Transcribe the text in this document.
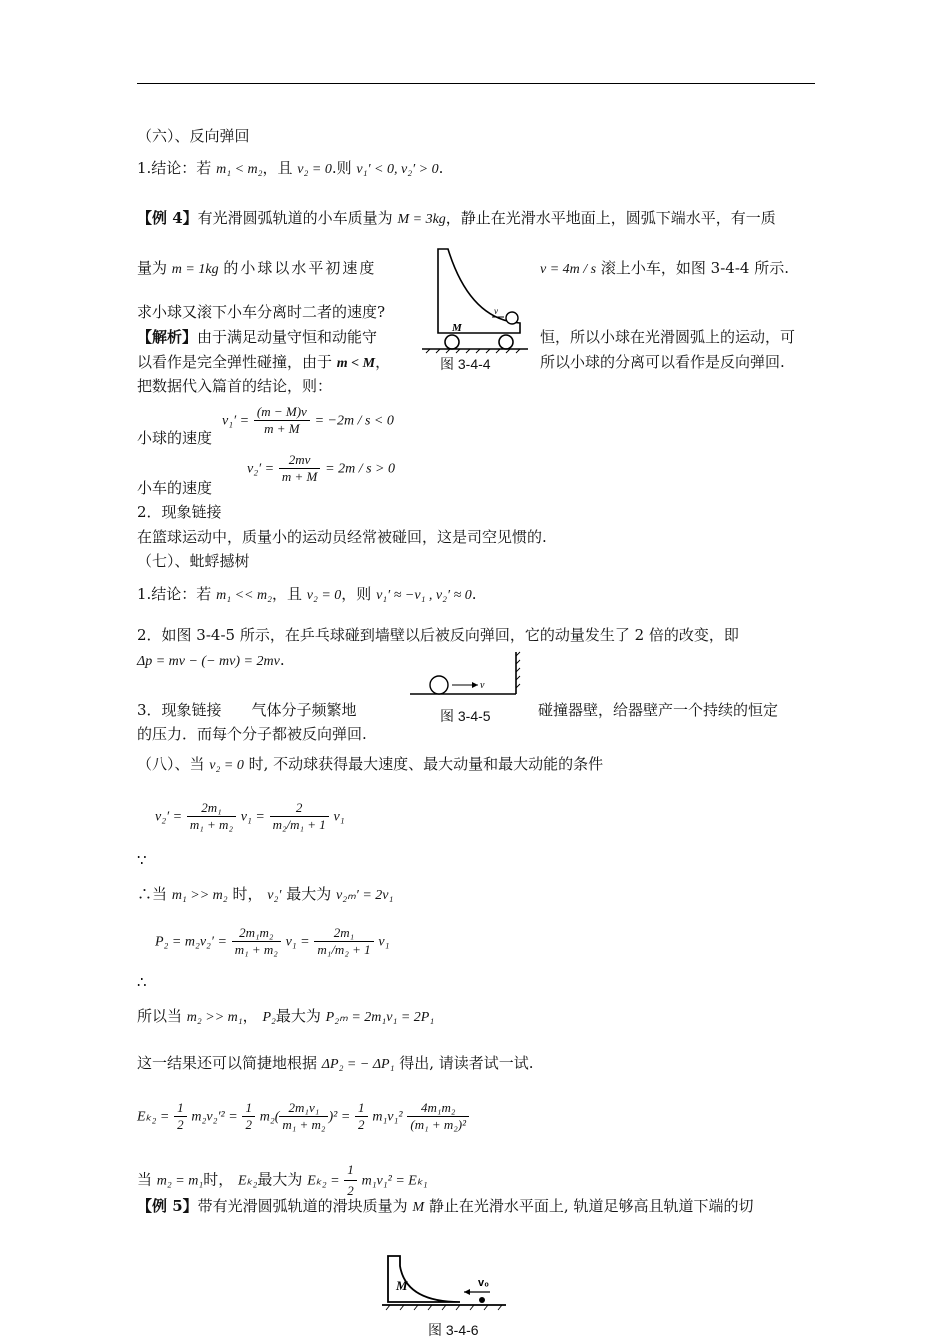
（六）、反向弹回
1.结论：若 m₁ < m₂，且 v₂ = 0.则 v₁′ < 0, v₂′ > 0.
【例 4】有光滑圆弧轨道的小车质量为 M = 3kg，静止在光滑水平地面上，圆弧下端水平，有一质
量为 m = 1kg 的小球以水平初速度	v = 4m / s 滚上小车，如图 3-4-4 所示.
求小球又滚下小车分离时二者的速度?
【解析】由于满足动量守恒和动能守	恒，所以小球在光滑圆弧上的运动，可
以看作是完全弹性碰撞，由于 m < M，	所以小球的分离可以看作是反向弹回.
把数据代入篇首的结论，则：
M
v
图 3-4-4
$v_1' = \frac{(m - M)v}{m + M} = -2m / s < 0$
小球的速度
$v_2' = \frac{2mv}{m + M} = 2m / s > 0$
小车的速度
2．现象链接
在篮球运动中，质量小的运动员经常被碰回，这是司空见惯的.
（七）、蚍蜉撼树
1.结论：若 m₁ << m₂，且 v₂ = 0，则 v₁′ ≈ −v₁ , v₂′ ≈ 0.
2．如图 3-4-5 所示，在乒乓球碰到墙壁以后被反向弹回，它的动量发生了 2 倍的改变，即
Δp = mv − (− mv) = 2mv.
v
图 3-4-5
3．现象链接　　气体分子频繁地	碰撞器壁，给器壁产一个持续的恒定
的压力．而每个分子都被反向弹回.
（八）、当 v₂ = 0 时, 不动球获得最大速度、最大动量和最大动能的条件
$v_2' = \frac{\text{2m₁}}{\text{m₁ + m₂}} v_1 = \frac{2}{\text{m₂/m₁ + 1}} v_1$
∵
∴当 m₁ >> m₂ 时， v₂′ 最大为 v₂ₘ′ = 2v₁
$P_2 = m_2v_2' = \frac{\text{2m₁m₂}}{\text{m₁ + m₂}} v_1 = \frac{\text{2m₁}}{\text{m₁/m₂ + 1}} v_1$
∴
所以当 m₂ >> m₁， P₂最大为 P₂ₘ = 2m₁v₁ = 2P₁
这一结果还可以简捷地根据 ΔP₂ = − ΔP₁ 得出, 请读者试一试.
$E_{k2} = \frac{1}{2} m_2v_2'^2 = \frac{1}{2} m_2( \frac{\text{2m₁v₁}}{\text{m₁ + m₂}} )^2 = \frac{1}{2} m_1v_1^2 \frac{\text{4m₁m₂}}{\text{(m₁ + m₂)²}}$
当 m₂ = m₁时， Eₖ₂最大为 $E_{k2} = \frac{1}{2} m_1v_1^2 = E_{k1}$
【例 5】带有光滑圆弧轨道的滑块质量为 M 静止在光滑水平面上, 轨道足够高且轨道下端的切
M	v₀
图 3-4-6
